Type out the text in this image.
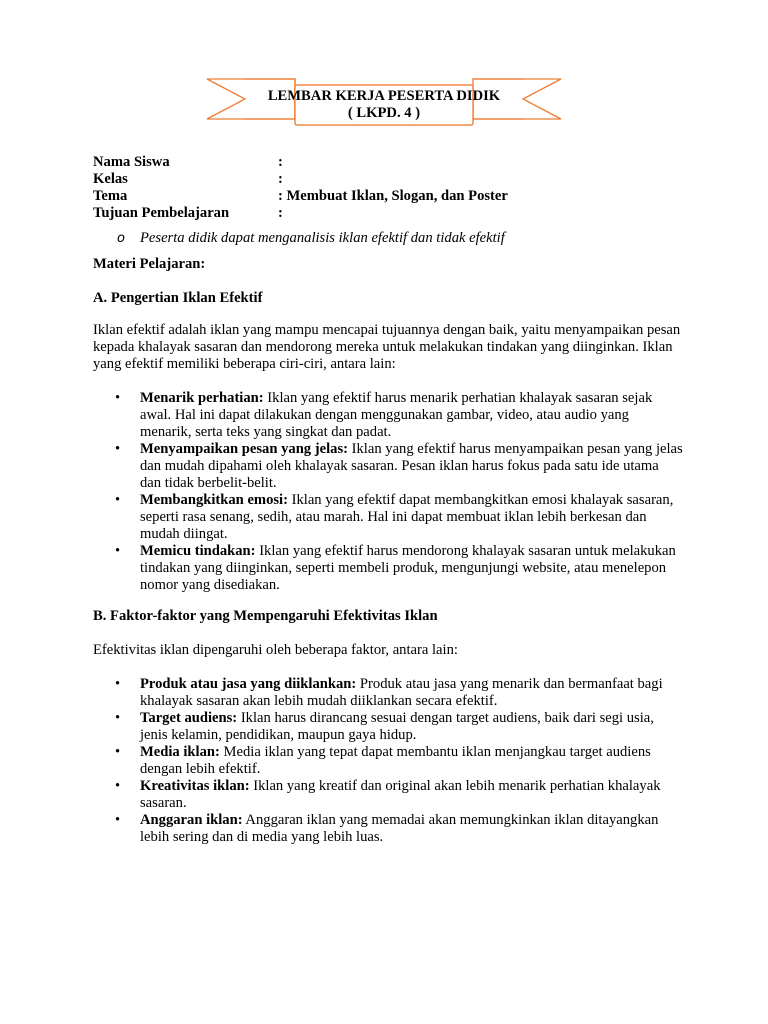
LEMBAR KERJA PESERTA DIDIK
( LKPD. 4 )
Nama Siswa	:
Kelas	:
Tema	: Membuat Iklan, Slogan, dan Poster
Tujuan Pembelajaran	:
o Peserta didik dapat menganalisis iklan efektif dan tidak efektif
Materi Pelajaran:
A. Pengertian Iklan Efektif
Iklan efektif adalah iklan yang mampu mencapai tujuannya dengan baik, yaitu menyampaikan pesan kepada khalayak sasaran dan mendorong mereka untuk melakukan tindakan yang diinginkan. Iklan yang efektif memiliki beberapa ciri-ciri, antara lain:
• Menarik perhatian: Iklan yang efektif harus menarik perhatian khalayak sasaran sejak awal. Hal ini dapat dilakukan dengan menggunakan gambar, video, atau audio yang menarik, serta teks yang singkat dan padat.
• Menyampaikan pesan yang jelas: Iklan yang efektif harus menyampaikan pesan yang jelas dan mudah dipahami oleh khalayak sasaran. Pesan iklan harus fokus pada satu ide utama dan tidak berbelit-belit.
• Membangkitkan emosi: Iklan yang efektif dapat membangkitkan emosi khalayak sasaran, seperti rasa senang, sedih, atau marah. Hal ini dapat membuat iklan lebih berkesan dan mudah diingat.
• Memicu tindakan: Iklan yang efektif harus mendorong khalayak sasaran untuk melakukan tindakan yang diinginkan, seperti membeli produk, mengunjungi website, atau menelepon nomor yang disediakan.
B. Faktor-faktor yang Mempengaruhi Efektivitas Iklan
Efektivitas iklan dipengaruhi oleh beberapa faktor, antara lain:
• Produk atau jasa yang diiklankan: Produk atau jasa yang menarik dan bermanfaat bagi khalayak sasaran akan lebih mudah diiklankan secara efektif.
• Target audiens: Iklan harus dirancang sesuai dengan target audiens, baik dari segi usia, jenis kelamin, pendidikan, maupun gaya hidup.
• Media iklan: Media iklan yang tepat dapat membantu iklan menjangkau target audiens dengan lebih efektif.
• Kreativitas iklan: Iklan yang kreatif dan original akan lebih menarik perhatian khalayak sasaran.
• Anggaran iklan: Anggaran iklan yang memadai akan memungkinkan iklan ditayangkan lebih sering dan di media yang lebih luas.
